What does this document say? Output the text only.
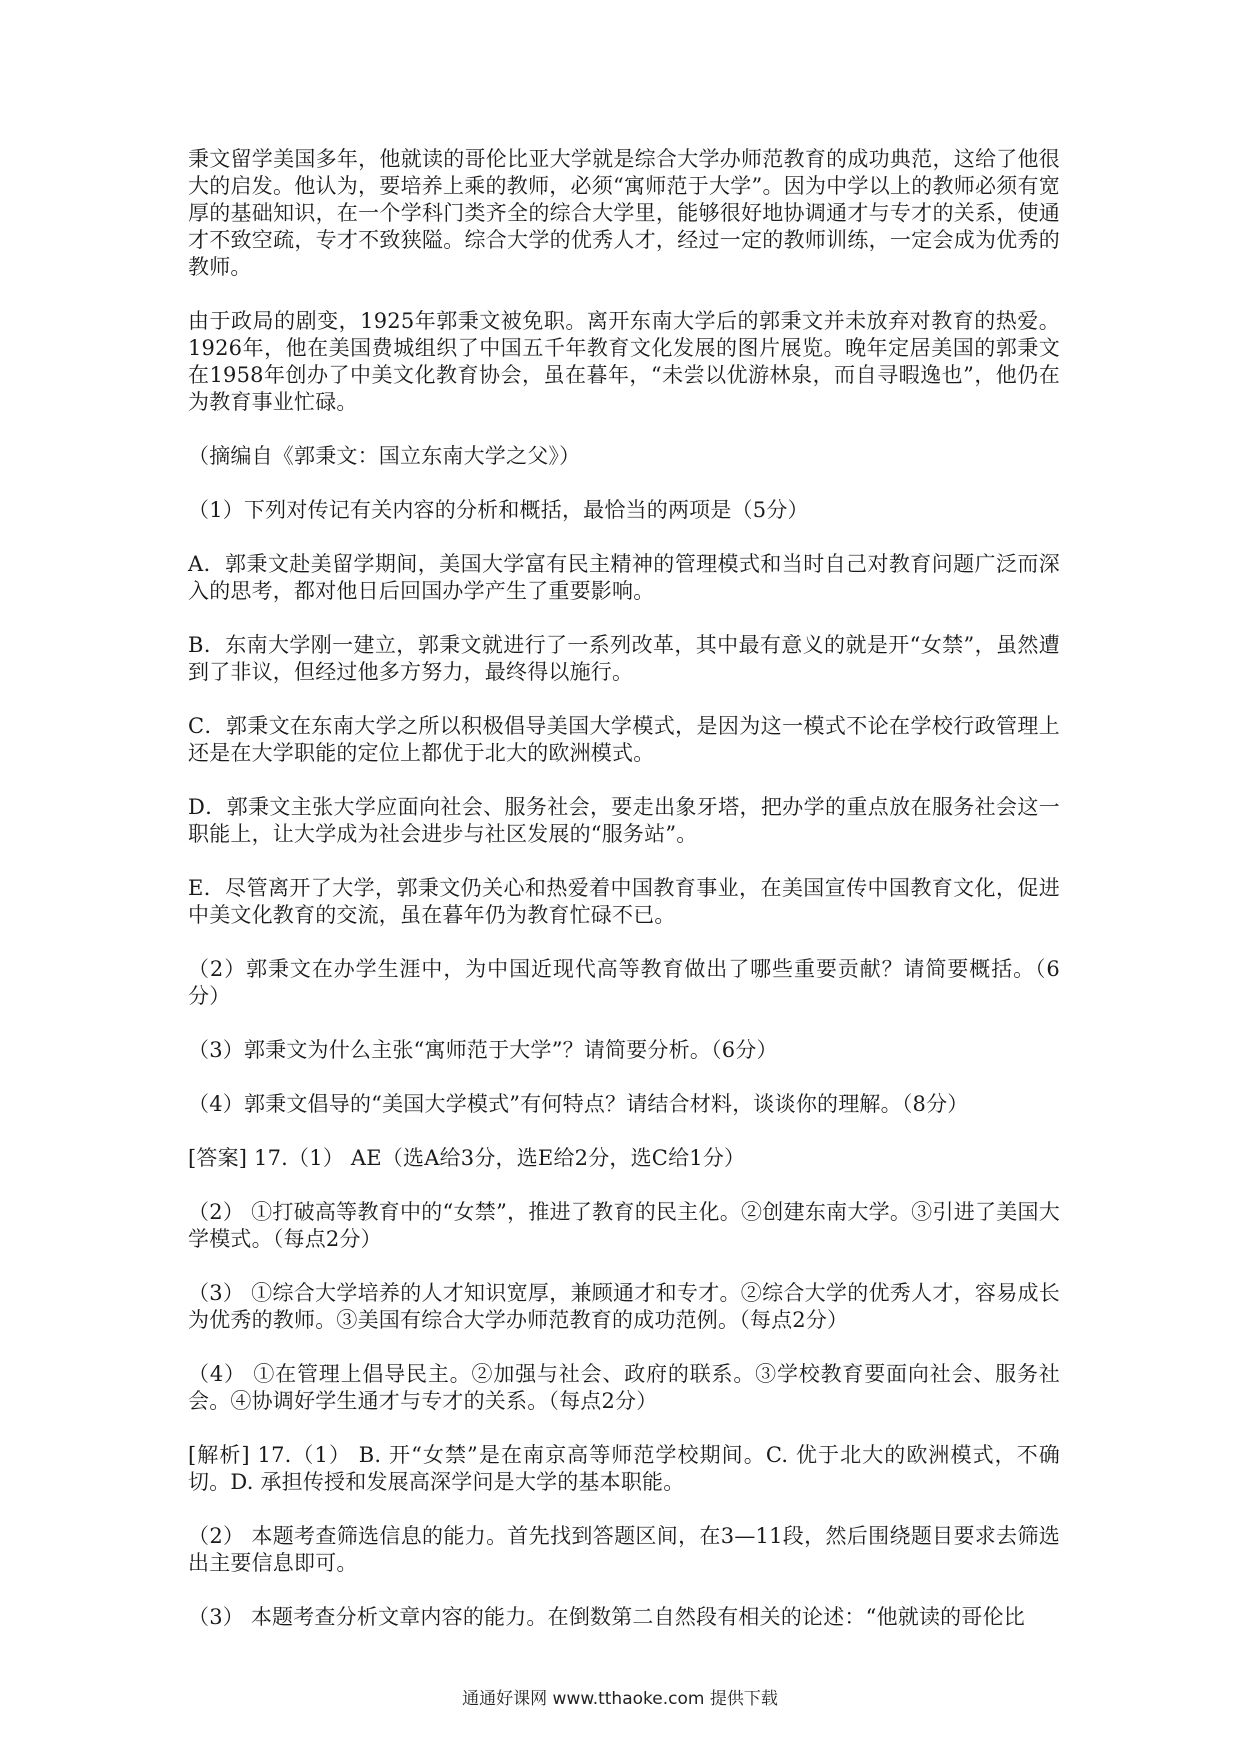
秉文留学美国多年，他就读的哥伦比亚大学就是综合大学办师范教育的成功典范，这给了他很大的启发。他认为，要培养上乘的教师，必须“寓师范于大学”。因为中学以上的教师必须有宽厚的基础知识，在一个学科门类齐全的综合大学里，能够很好地协调通才与专才的关系，使通才不致空疏，专才不致狭隘。综合大学的优秀人才，经过一定的教师训练，一定会成为优秀的教师。

由于政局的剧变，1925年郭秉文被免职。离开东南大学后的郭秉文并未放弃对教育的热爱。1926年，他在美国费城组织了中国五千年教育文化发展的图片展览。晚年定居美国的郭秉文在1958年创办了中美文化教育协会，虽在暮年，“未尝以优游林泉，而自寻暇逸也”，他仍在为教育事业忙碌。

（摘编自《郭秉文：国立东南大学之父》）

（1）下列对传记有关内容的分析和概括，最恰当的两项是（5分）

A．郭秉文赴美留学期间，美国大学富有民主精神的管理模式和当时自己对教育问题广泛而深入的思考，都对他日后回国办学产生了重要影响。

B．东南大学刚一建立，郭秉文就进行了一系列改革，其中最有意义的就是开“女禁”，虽然遭到了非议，但经过他多方努力，最终得以施行。

C．郭秉文在东南大学之所以积极倡导美国大学模式，是因为这一模式不论在学校行政管理上还是在大学职能的定位上都优于北大的欧洲模式。

D．郭秉文主张大学应面向社会、服务社会，要走出象牙塔，把办学的重点放在服务社会这一职能上，让大学成为社会进步与社区发展的“服务站”。

E．尽管离开了大学，郭秉文仍关心和热爱着中国教育事业，在美国宣传中国教育文化，促进中美文化教育的交流，虽在暮年仍为教育忙碌不已。

（2）郭秉文在办学生涯中，为中国近现代高等教育做出了哪些重要贡献？请简要概括。（6分）

（3）郭秉文为什么主张“寓师范于大学”？请简要分析。（6分）

（4）郭秉文倡导的“美国大学模式”有何特点？请结合材料，谈谈你的理解。（8分）

[答案] 17.（1） AE（选A给3分，选E给2分，选C给1分）

（2） ①打破高等教育中的“女禁”，推进了教育的民主化。②创建东南大学。③引进了美国大学模式。（每点2分）

（3） ①综合大学培养的人才知识宽厚，兼顾通才和专才。②综合大学的优秀人才，容易成长为优秀的教师。③美国有综合大学办师范教育的成功范例。（每点2分）

（4） ①在管理上倡导民主。②加强与社会、政府的联系。③学校教育要面向社会、服务社会。④协调好学生通才与专才的关系。（每点2分）

[解析] 17.（1） B. 开“女禁”是在南京高等师范学校期间。C. 优于北大的欧洲模式，不确切。D. 承担传授和发展高深学问是大学的基本职能。

（2） 本题考查筛选信息的能力。首先找到答题区间，在3—11段，然后围绕题目要求去筛选出主要信息即可。

（3） 本题考查分析文章内容的能力。在倒数第二自然段有相关的论述：“他就读的哥伦比

通通好课网 www.tthaoke.com 提供下载
